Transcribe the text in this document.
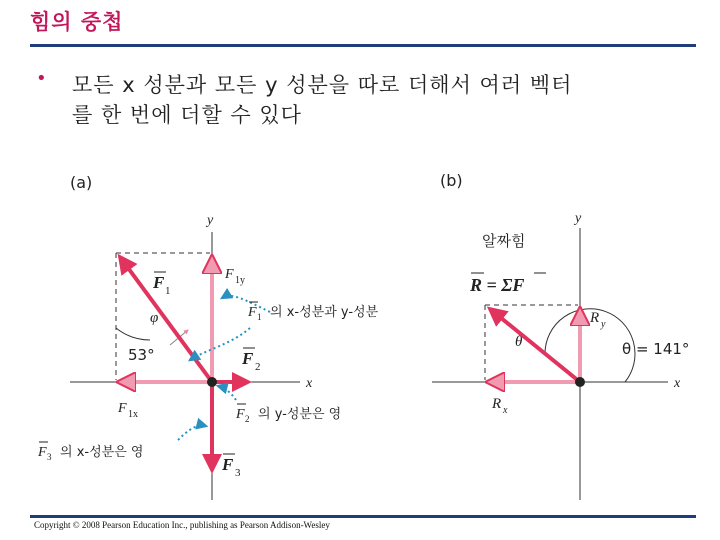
힘의 중첩
• 모든 x 성분과 모든 y 성분을 따로 더해서 여러 벡터
를 한 번에 더할 수 있다
(a)
x
y
53°
φ
F 1
F 1y
F 1x
F 2
F 3
F 1 의 x-성분과 y-성분
F 2 의 y-성분은 영
F 3 의 x-성분은 영
(b)
x
y
알짜힘
R = ΣF
θ = 141°
θ
R y
R x
Copyright © 2008 Pearson Education Inc., publishing as Pearson Addison-Wesley
